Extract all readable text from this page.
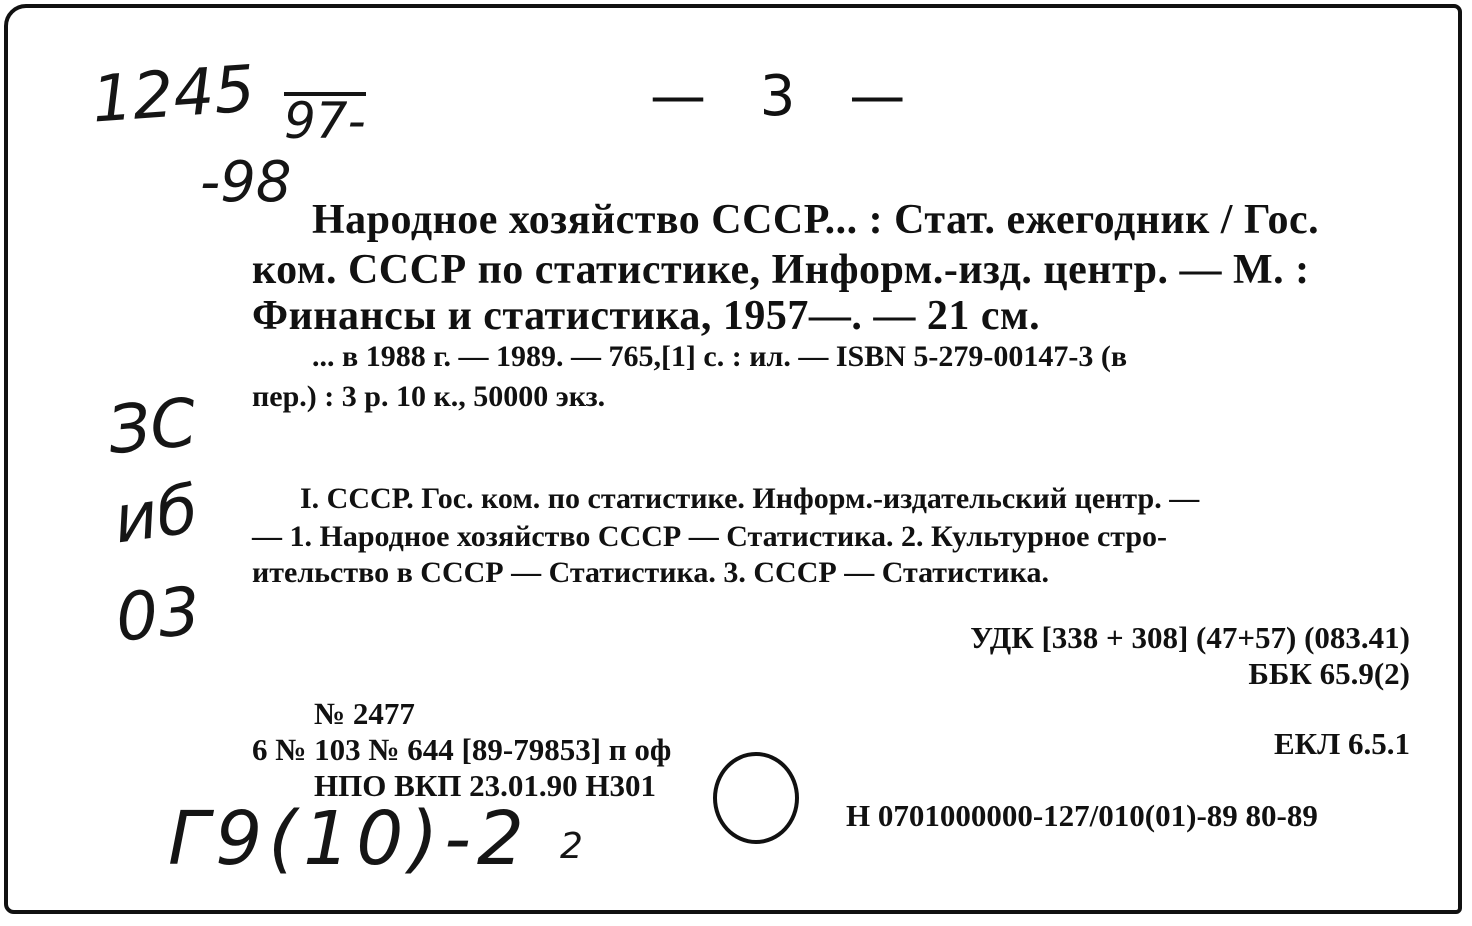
1245 97-
-98
ЗС
иб
03
Г9(10)-2 2
— 3 —
Народное хозяйство СССР... : Стат. ежегодник / Гос.
ком. СССР по статистике, Информ.-изд. центр. — М. :
Финансы и статистика, 1957—. — 21 см.
... в 1988 г. — 1989. — 765,[1] с. : ил. — ISBN 5-279-00147-3 (в
пер.) : 3 р. 10 к., 50000 экз.
I. СССР. Гос. ком. по статистике. Информ.-издательский центр. —
— 1. Народное хозяйство СССР — Статистика. 2. Культурное стро-
ительство в СССР — Статистика. 3. СССР — Статистика.
УДК [338 + 308] (47+57) (083.41)
ББК 65.9(2)
ЕКЛ 6.5.1
Н 0701000000-127/010(01)-89 80-89
№ 2477
6 № 103 № 644 [89-79853] п оф
НПО ВКП 23.01.90 Н301
